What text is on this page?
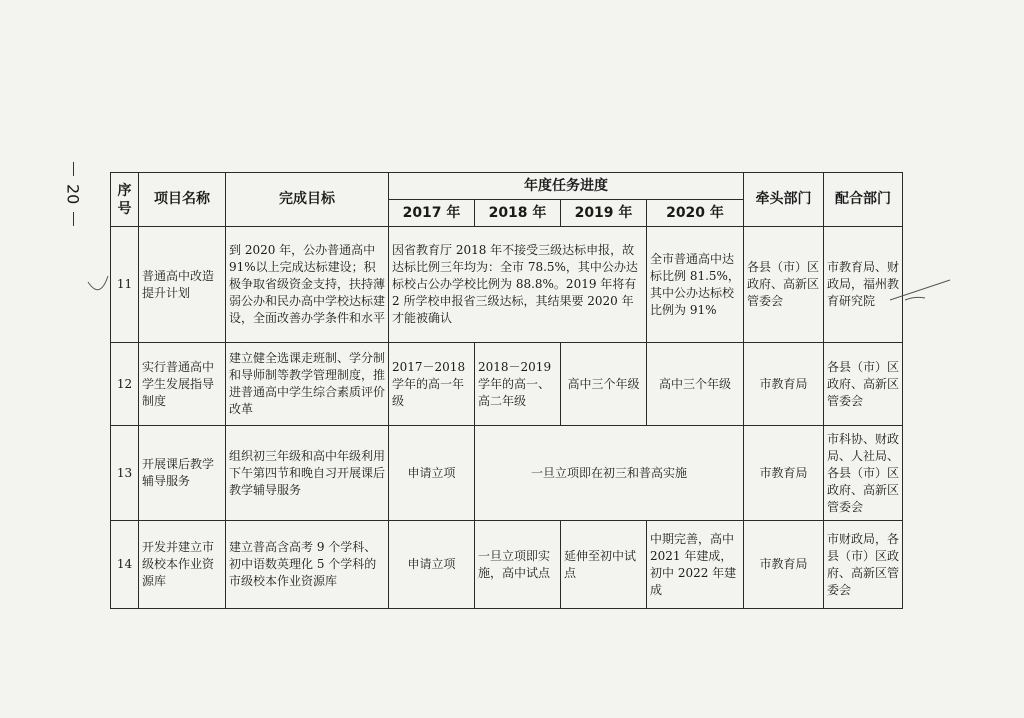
20	序号	项目名称	完成目标	年度任务进度				牵头部门	配合部门
			2017 年	2018 年	2019 年	2020 年		
11	普通高中改造提升计划	到 2020 年，公办普通高中 91%以上完成达标建设；积极争取省级资金支持，扶持薄弱公办和民办高中学校达标建设，全面改善办学条件和水平	因省教育厅 2018 年不接受三级达标申报，故达标比例三年均为：全市 78.5%，其中公办达标校占公办学校比例为 88.8%。2019 年将有 2 所学校申报省三级达标，其结果要 2020 年才能被确认			全市普通高中达标比例 81.5%，其中公办达标校比例为 91%	各县（市）区政府、高新区管委会	市教育局、财政局，福州教育研究院
12	实行普通高中学生发展指导制度	建立健全选课走班制、学分制和导师制等教学管理制度，推进普通高中学生综合素质评价改革	2017－2018 学年的高一年级	2018－2019 学年的高一、高二年级	高中三个年级	高中三个年级	市教育局	各县（市）区政府、高新区管委会
13	开展课后教学辅导服务	组织初三年级和高中年级利用下午第四节和晚自习开展课后教学辅导服务	申请立项	一旦立项即在初三和普高实施			市教育局	市科协、财政局、人社局、各县（市）区政府、高新区管委会
14	开发并建立市级校本作业资源库	建立普高含高考 9 个学科、初中语数英理化 5 个学科的市级校本作业资源库	申请立项	一旦立项即实施，高中试点	延伸至初中试点	中期完善，高中 2021 年建成，初中 2022 年建成	市教育局	市财政局，各县（市）区政府、高新区管委会
